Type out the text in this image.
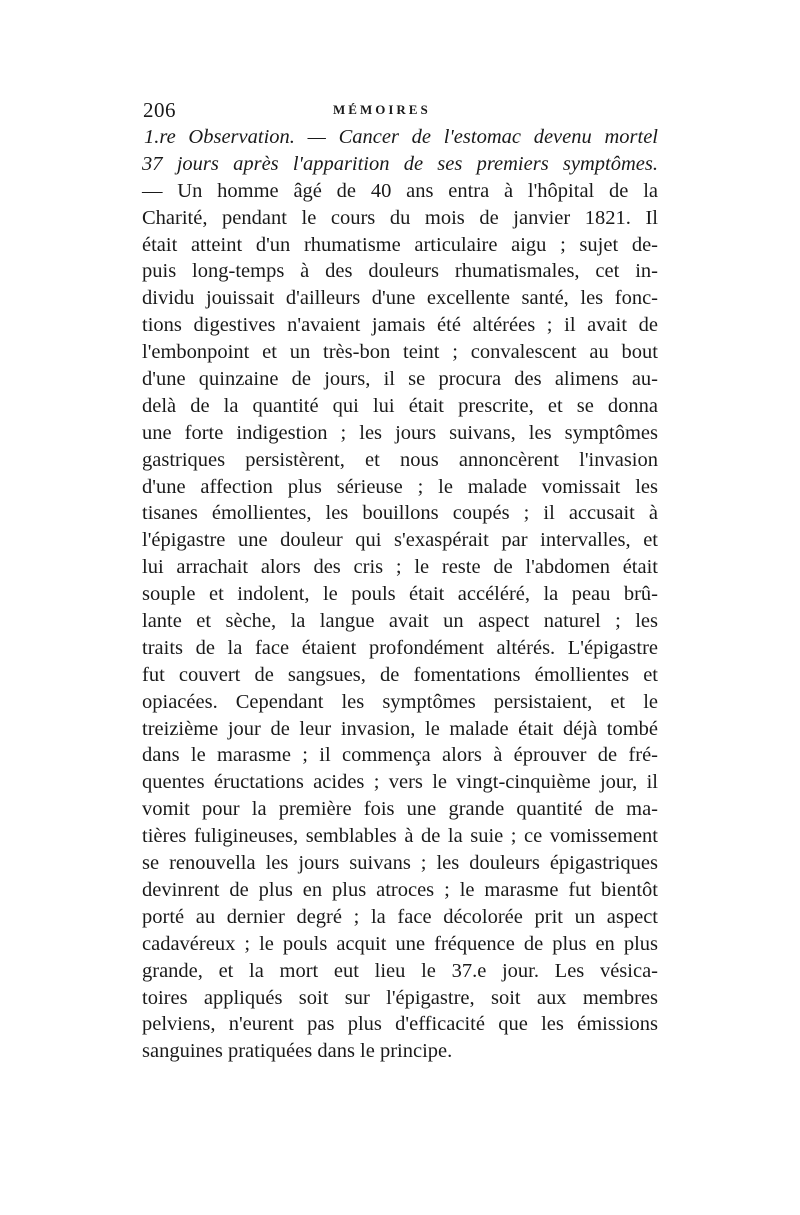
206	MÉMOIRES
1.re Observation. — Cancer de l'estomac devenu mortel
37 jours après l'apparition de ses premiers symptômes.
— Un homme âgé de 40 ans entra à l'hôpital de la
Charité, pendant le cours du mois de janvier 1821. Il
était atteint d'un rhumatisme articulaire aigu ; sujet de-
puis long-temps à des douleurs rhumatismales, cet in-
dividu jouissait d'ailleurs d'une excellente santé, les fonc-
tions digestives n'avaient jamais été altérées ; il avait de
l'embonpoint et un très-bon teint ; convalescent au bout
d'une quinzaine de jours, il se procura des alimens au-
delà de la quantité qui lui était prescrite, et se donna
une forte indigestion ; les jours suivans, les symptômes
gastriques persistèrent, et nous annoncèrent l'invasion
d'une affection plus sérieuse ; le malade vomissait les
tisanes émollientes, les bouillons coupés ; il accusait à
l'épigastre une douleur qui s'exaspérait par intervalles, et
lui arrachait alors des cris ; le reste de l'abdomen était
souple et indolent, le pouls était accéléré, la peau brû-
lante et sèche, la langue avait un aspect naturel ; les
traits de la face étaient profondément altérés. L'épigastre
fut couvert de sangsues, de fomentations émollientes et
opiacées. Cependant les symptômes persistaient, et le
treizième jour de leur invasion, le malade était déjà tombé
dans le marasme ; il commença alors à éprouver de fré-
quentes éructations acides ; vers le vingt-cinquième jour, il
vomit pour la première fois une grande quantité de ma-
tières fuligineuses, semblables à de la suie ; ce vomissement
se renouvella les jours suivans ; les douleurs épigastriques
devinrent de plus en plus atroces ; le marasme fut bientôt
porté au dernier degré ; la face décolorée prit un aspect
cadavéreux ; le pouls acquit une fréquence de plus en plus
grande, et la mort eut lieu le 37.e jour. Les vésica-
toires appliqués soit sur l'épigastre, soit aux membres
pelviens, n'eurent pas plus d'efficacité que les émissions
sanguines pratiquées dans le principe.
